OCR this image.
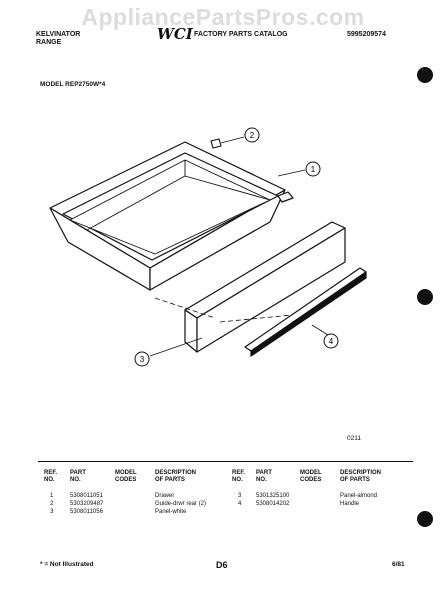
AppliancePartsPros.com
KELVINATOR
RANGE	WCI FACTORY PARTS CATALOG	5995209574
MODEL REP2750W*4
2
1
3
4
0211
REF.
NO.
PART
NO.
MODEL
CODES
DESCRIPTION
OF PARTS
1	5308011051	Drawer
2	5303209487	Guide-drwr rear (2)
3	5308011056	Panel-white
REF.
NO.
PART
NO.
MODEL
CODES
DESCRIPTION
OF PARTS
3 5301325100	Panel-almond
4 5308014202	Handle
* = Not Illustrated	D6	6/81
